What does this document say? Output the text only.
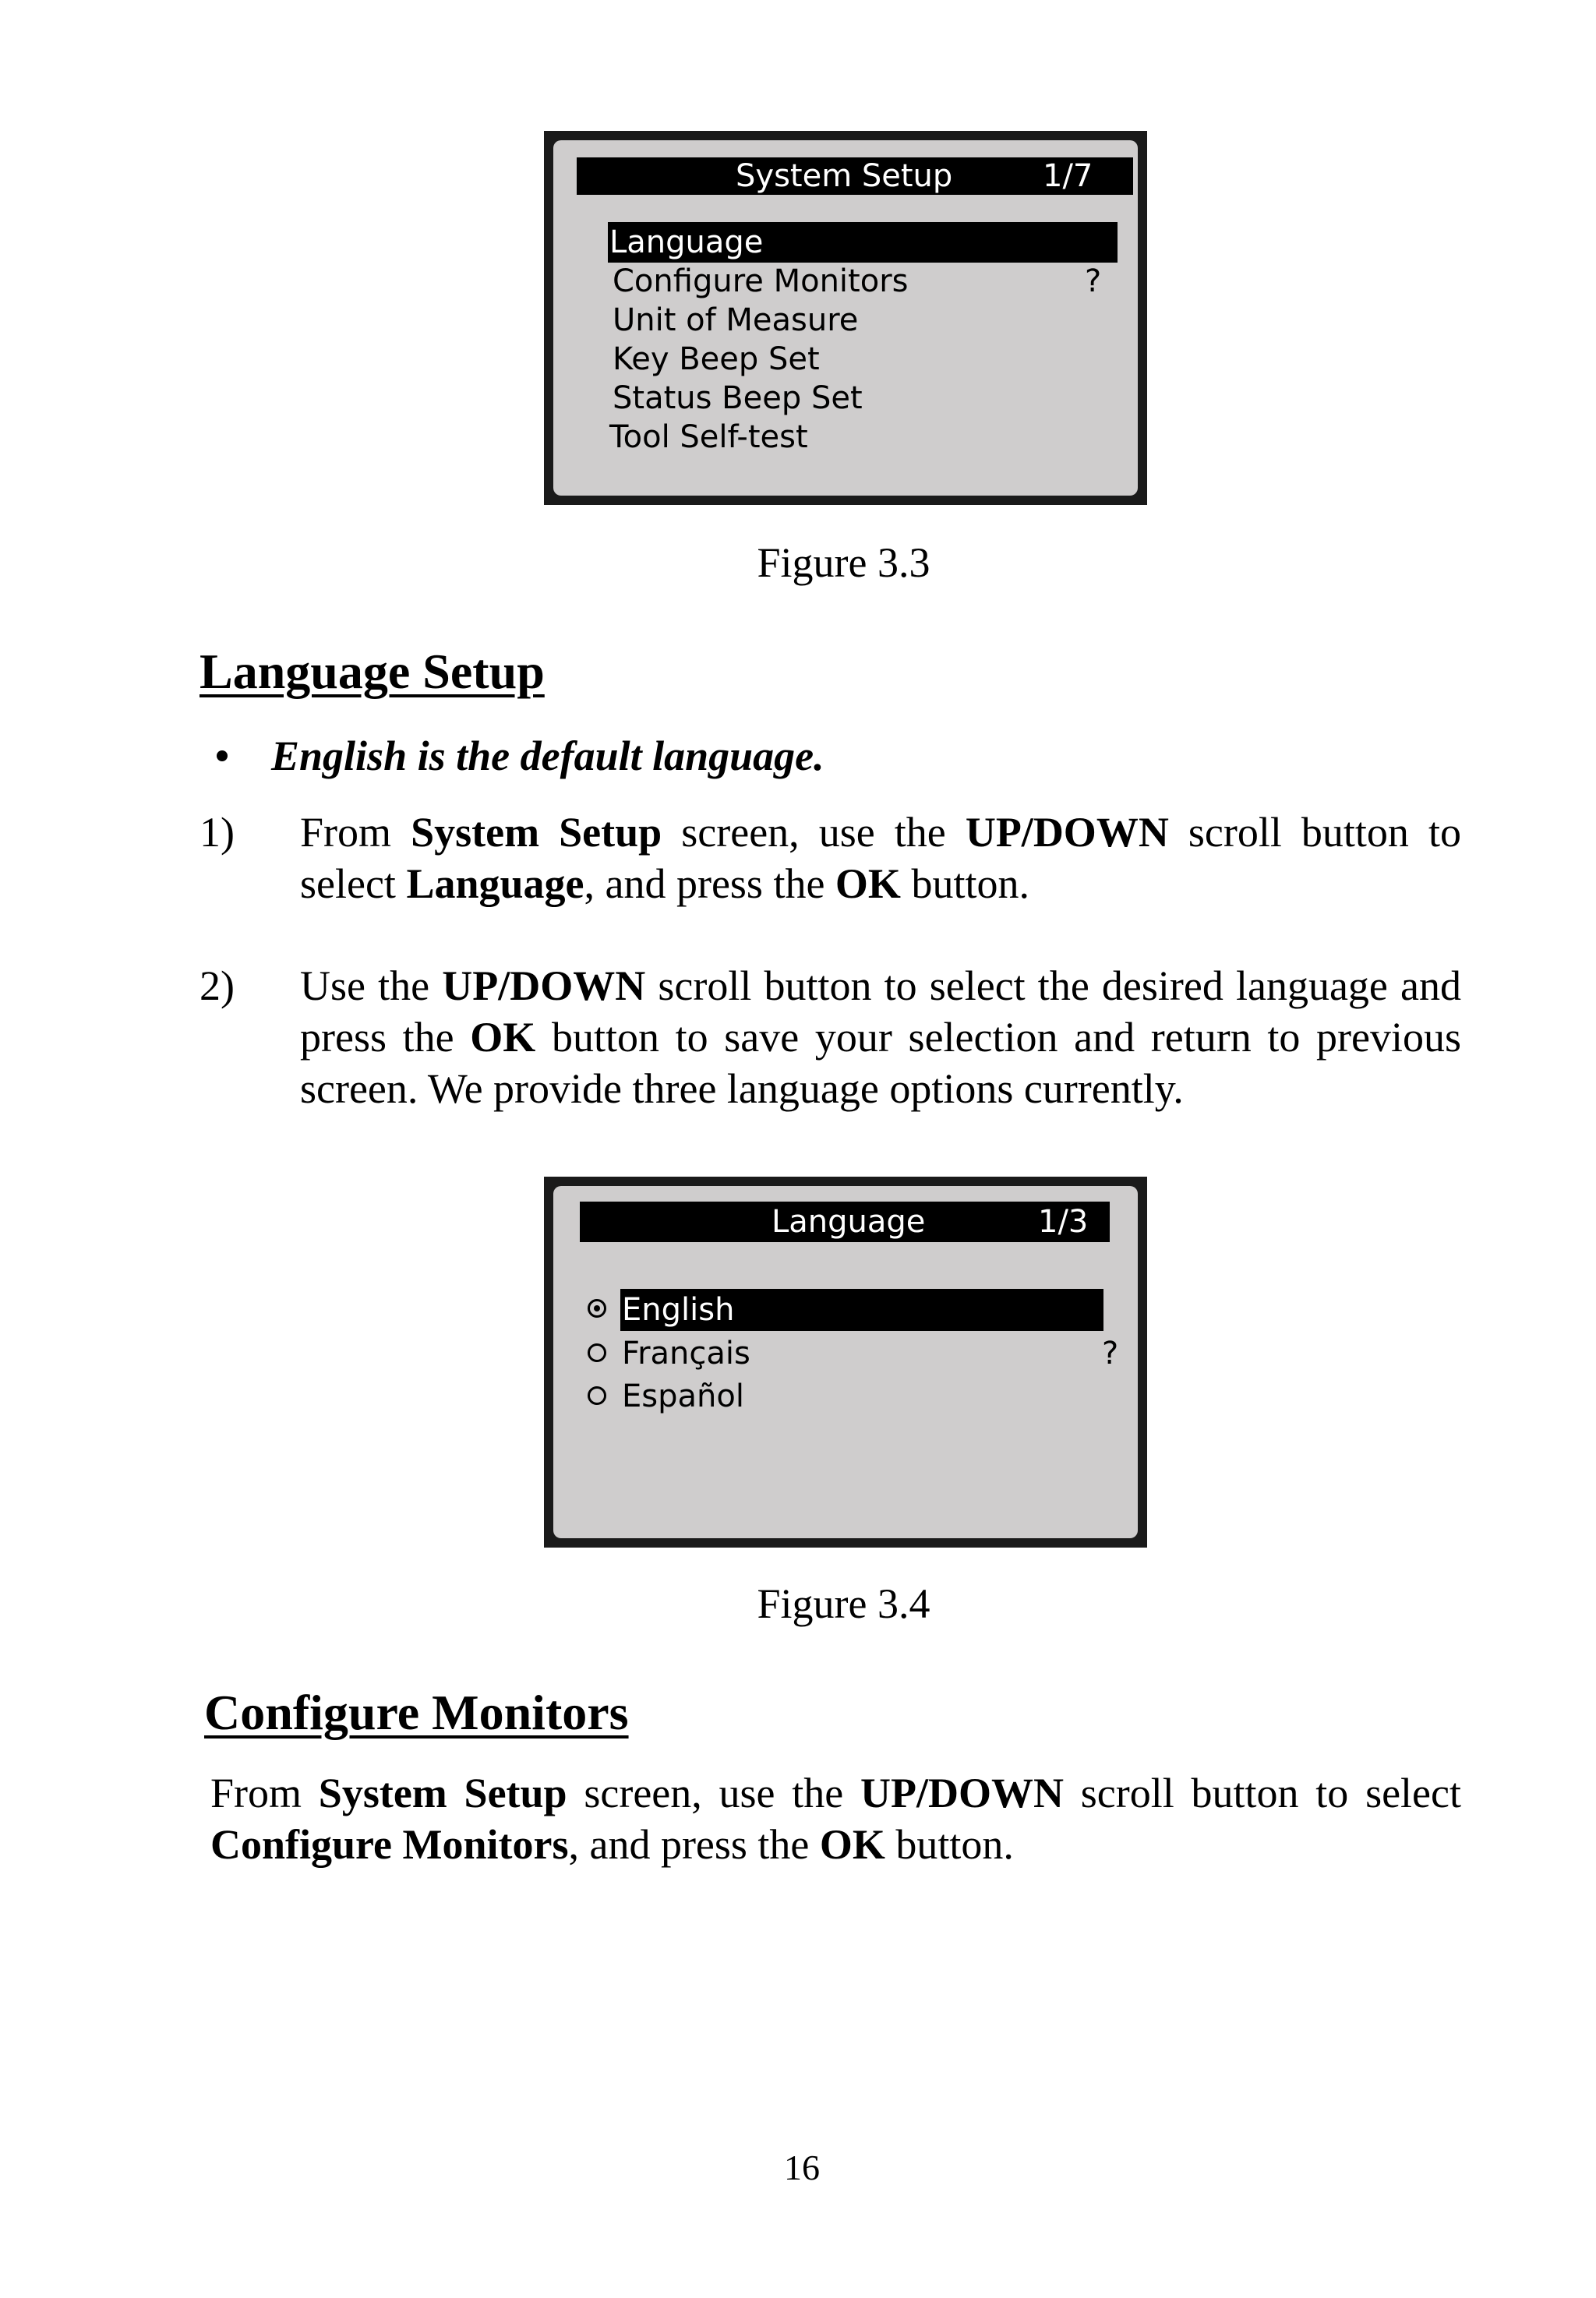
System Setup	1/7
Language
Configure Monitors	?
Unit of Measure
Key Beep Set
Status Beep Set
Tool Self-test
Figure 3.3
Language Setup
English is the default language.
1) From System Setup screen, use the UP/DOWN scroll button to select Language, and press the OK button.
2) Use the UP/DOWN scroll button to select the desired language and press the OK button to save your selection and return to previous screen. We provide three language options currently.
Language	1/3
English
Français	?
Español
Figure 3.4
Configure Monitors
From System Setup screen, use the UP/DOWN scroll button to select Configure Monitors, and press the OK button.
16
